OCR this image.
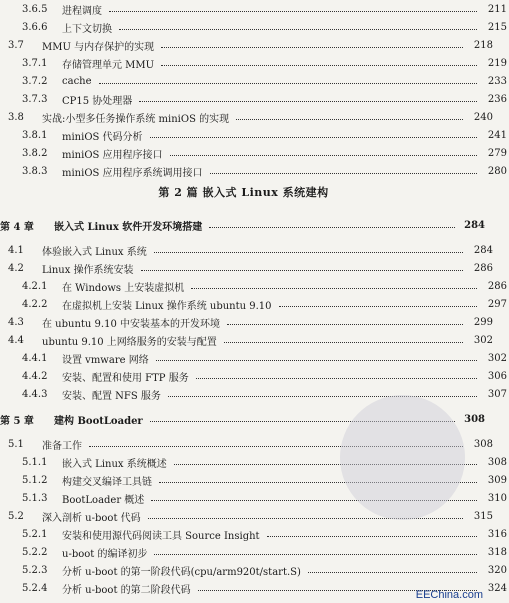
3.6.5	进程调度	211
3.6.6	上下文切换	215
3.7	MMU 与内存保护的实现	218
3.7.1	存储管理单元 MMU	219
3.7.2	cache	233
3.7.3	CP15 协处理器	236
3.8	实战:小型多任务操作系统 miniOS 的实现	240
3.8.1	miniOS 代码分析	241
3.8.2	miniOS 应用程序接口	279
3.8.3	miniOS 应用程序系统调用接口	280
第 4 章	嵌入式 Linux 软件开发环境搭建	284
4.1	体验嵌入式 Linux 系统	284
4.2	Linux 操作系统安装	286
4.2.1	在 Windows 上安装虚拟机	286
4.2.2	在虚拟机上安装 Linux 操作系统 ubuntu 9.10	297
4.3	在 ubuntu 9.10 中安装基本的开发环境	299
4.4	ubuntu 9.10 上网络服务的安装与配置	302
4.4.1	设置 vmware 网络	302
4.4.2	安装、配置和使用 FTP 服务	306
4.4.3	安装、配置 NFS 服务	307
第 5 章	建构 BootLoader	308
5.1	准备工作	308
5.1.1	嵌入式 Linux 系统概述	308
5.1.2	构建交叉编译工具链	309
5.1.3	BootLoader 概述	310
5.2	深入剖析 u-boot 代码	315
5.2.1	安装和使用源代码阅读工具 Source Insight	316
5.2.2	u-boot 的编译初步	318
5.2.3	分析 u-boot 的第一阶段代码(cpu/arm920t/start.S)	320
5.2.4	分析 u-boot 的第二阶段代码	324
第 2 篇 嵌入式 Linux 系统建构
EEChina.com
